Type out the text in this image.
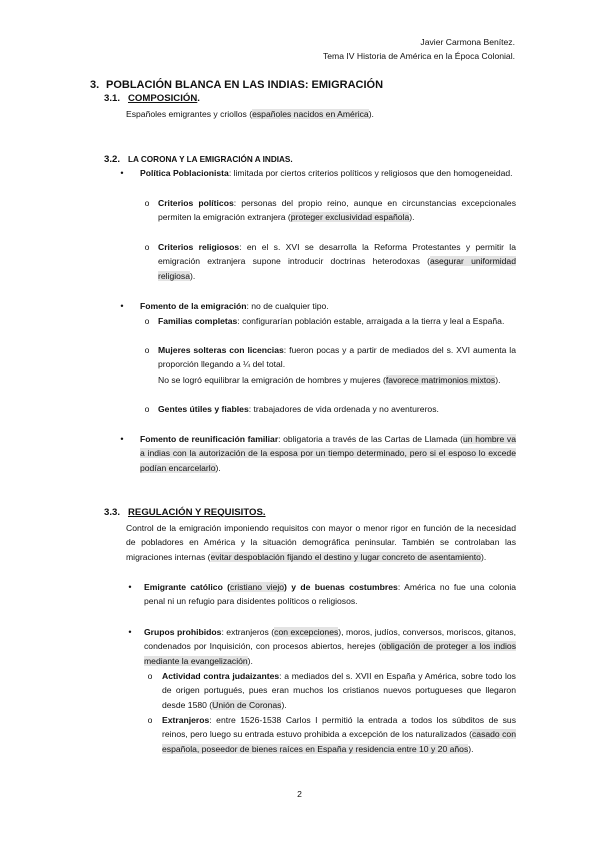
Javier Carmona Benítez.
Tema IV Historia de América en la Época Colonial.
3. POBLACIÓN BLANCA EN LAS INDIAS: EMIGRACIÓN
3.1. COMPOSICIÓN.
Españoles emigrantes y criollos (españoles nacidos en América).
3.2. LA CORONA Y LA EMIGRACIÓN A INDIAS.
• Política Poblacionista: limitada por ciertos criterios políticos y religiosos que den homogeneidad.
o Criterios políticos: personas del propio reino, aunque en circunstancias excepcionales permiten la emigración extranjera (proteger exclusividad española).
o Criterios religiosos: en el s. XVI se desarrolla la Reforma Protestantes y permitir la emigración extranjera supone introducir doctrinas heterodoxas (asegurar uniformidad religiosa).
• Fomento de la emigración: no de cualquier tipo.
o Familias completas: configurarían población estable, arraigada a la tierra y leal a España.
o Mujeres solteras con licencias: fueron pocas y a partir de mediados del s. XVI aumenta la proporción llegando a ¼ del total.
No se logró equilibrar la emigración de hombres y mujeres (favorece matrimonios mixtos).
o Gentes útiles y fiables: trabajadores de vida ordenada y no aventureros.
• Fomento de reunificación familiar: obligatoria a través de las Cartas de Llamada (un hombre va a indias con la autorización de la esposa por un tiempo determinado, pero si el esposo lo excede podían encarcelarlo).
3.3. REGULACIÓN Y REQUISITOS.
Control de la emigración imponiendo requisitos con mayor o menor rigor en función de la necesidad de pobladores en América y la situación demográfica peninsular. También se controlaban las migraciones internas (evitar despoblación fijando el destino y lugar concreto de asentamiento).
• Emigrante católico (cristiano viejo) y de buenas costumbres: América no fue una colonia penal ni un refugio para disidentes políticos o religiosos.
• Grupos prohibidos: extranjeros (con excepciones), moros, judíos, conversos, moriscos, gitanos, condenados por Inquisición, con procesos abiertos, herejes (obligación de proteger a los indios mediante la evangelización).
o Actividad contra judaizantes: a mediados del s. XVII en España y América, sobre todo los de origen portugués, pues eran muchos los cristianos nuevos portugueses que llegaron desde 1580 (Unión de Coronas).
o Extranjeros: entre 1526-1538 Carlos I permitió la entrada a todos los súbditos de sus reinos, pero luego su entrada estuvo prohibida a excepción de los naturalizados (casado con española, poseedor de bienes raíces en España y residencia entre 10 y 20 años).
2
